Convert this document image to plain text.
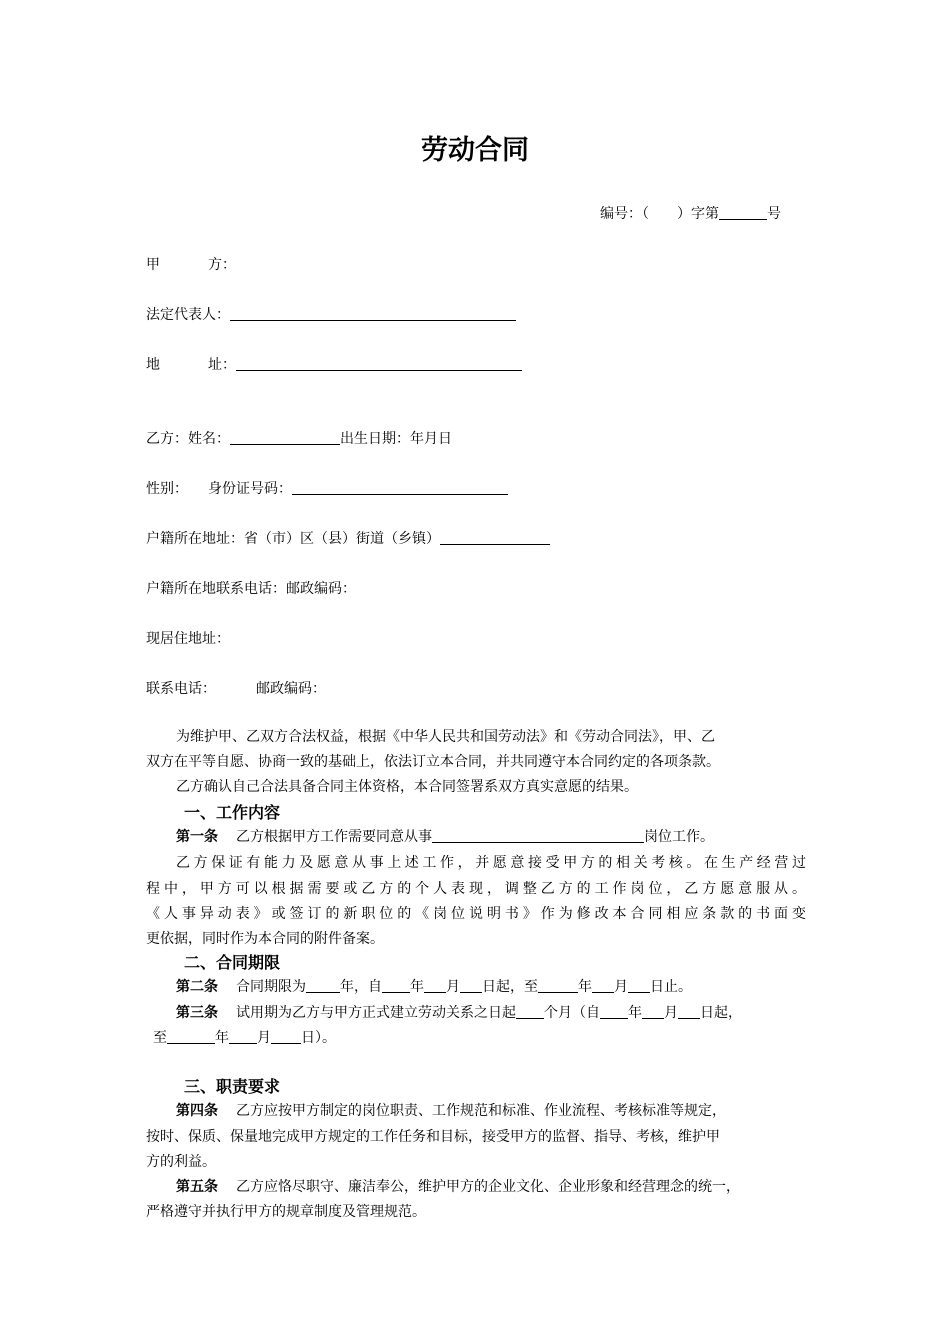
劳动合同
编号：（ ）字第	号
甲	方：
法定代表人：
地	址：
乙方：姓名：	出生日期：年月日
性别： 身份证号码：
户籍所在地址：省（市）区（县）街道（乡镇）
户籍所在地联系电话：邮政编码：
现居住地址：
联系电话：	邮政编码：
为维护甲、乙双方合法权益，根据《中华人民共和国劳动法》和《劳动合同法》，甲、乙
双方在平等自愿、协商一致的基础上，依法订立本合同，并共同遵守本合同约定的各项条款。
乙方确认自己合法具备合同主体资格，本合同签署系双方真实意愿的结果。
一、工作内容
第一条 乙方根据甲方工作需要同意从事	岗位工作。
乙方保证有能力及愿意从事上述工作，并愿意接受甲方的相关考核。在生产经营过
程中，甲方可以根据需要或乙方的个人表现，调整乙方的工作岗位，乙方愿意服从。
《人事异动表》或签订的新职位的《岗位说明书》作为修改本合同相应条款的书面变
更依据，同时作为本合同的附件备案。
二、合同期限
第二条 合同期限为 年，自 年 月 日起，至	年 月 日止。
第三条 试用期为乙方与甲方正式建立劳动关系之日起 个月（自 年 月 日起，
至	年 月 日）。
三、职责要求
第四条 乙方应按甲方制定的岗位职责、工作规范和标准、作业流程、考核标准等规定，
按时、保质、保量地完成甲方规定的工作任务和目标，接受甲方的监督、指导、考核，维护甲
方的利益。
第五条 乙方应恪尽职守、廉洁奉公，维护甲方的企业文化、企业形象和经营理念的统一，
严格遵守并执行甲方的规章制度及管理规范。
